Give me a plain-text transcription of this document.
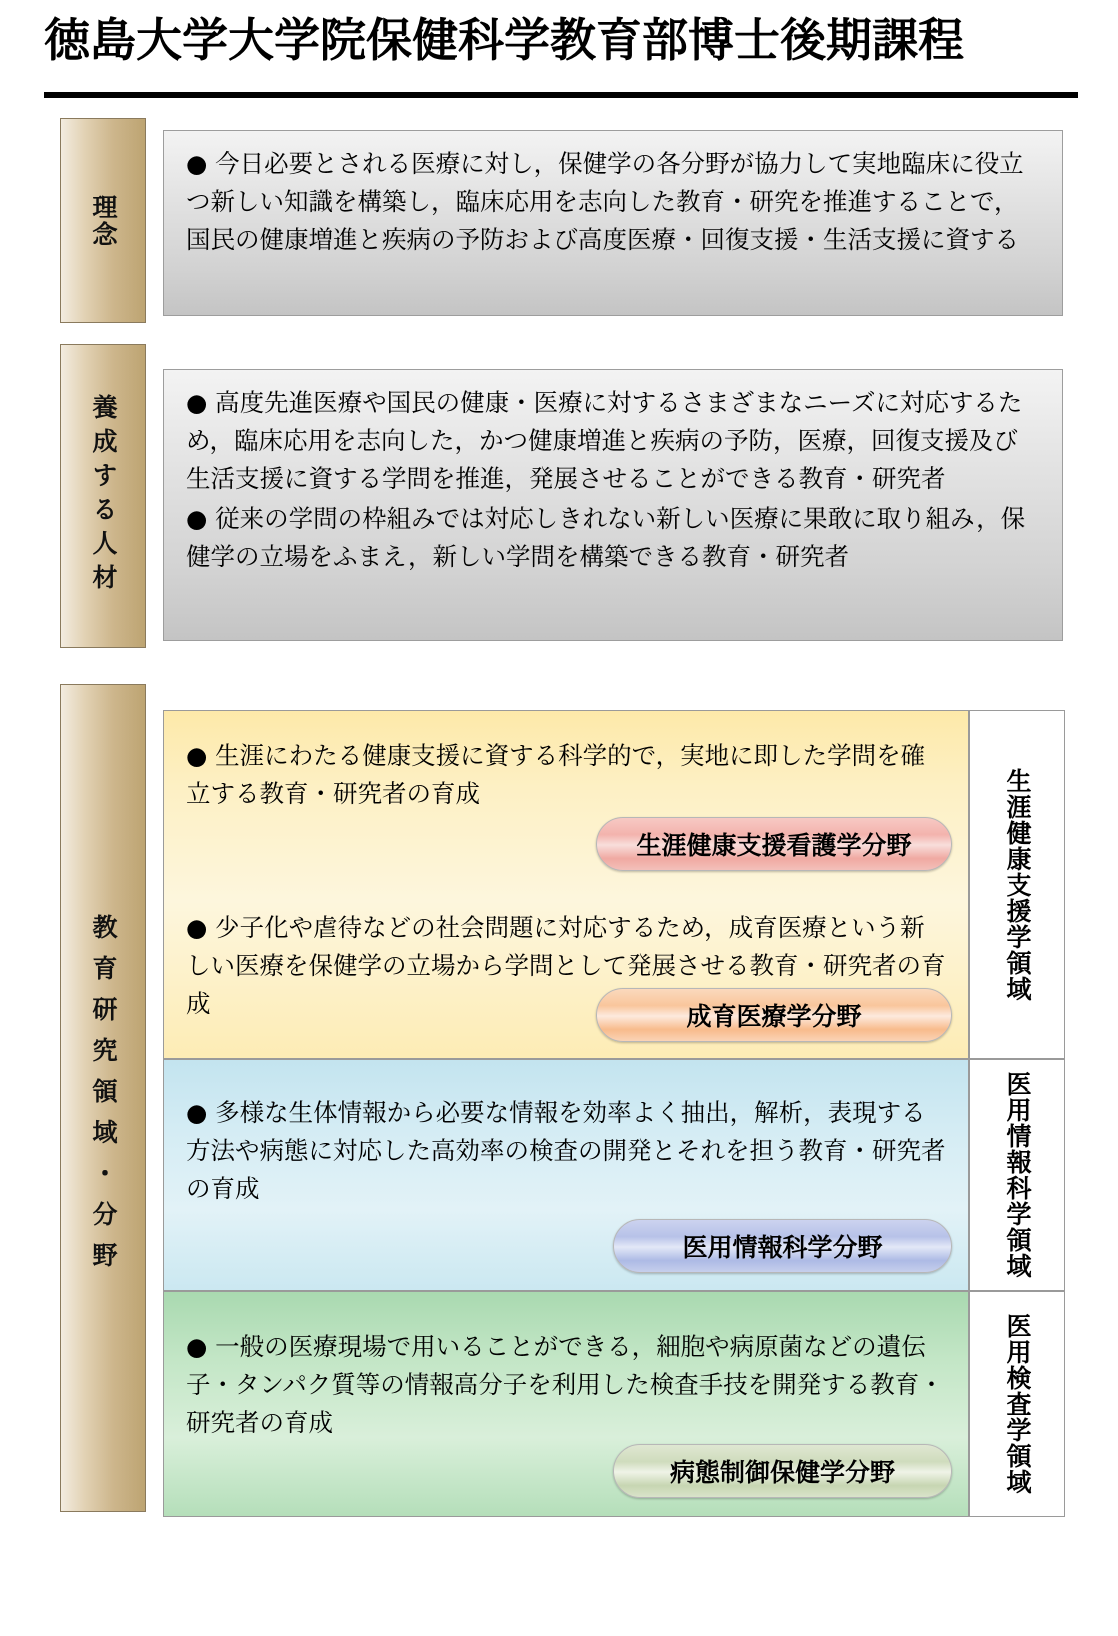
徳島大学大学院保健科学教育部博士後期課程
理念

● 今日必要とされる医療に対し，保健学の各分野が協力して実地臨床に役立つ新しい知識を構築し，臨床応用を志向した教育・研究を推進することで，国民の健康増進と疾病の予防および高度医療・回復支援・生活支援に資する

養成する人材	● 高度先進医療や国民の健康・医療に対するさまざまなニーズに対応するため，臨床応用を志向した，かつ健康増進と疾病の予防，医療，回復支援及び生活支援に資する学問を推進，発展させることができる教育・研究者

● 従来の学問の枠組みでは対応しきれない新しい医療に果敢に取り組み，保健学の立場をふまえ，新しい学問を構築できる教育・研究者

教育研究領域・分野
● 生涯にわたる健康支援に資する科学的で，実地に即した学問を確立する教育・研究者の育成
● 少子化や虐待などの社会問題に対応するため，成育医療という新しい医療を保健学の立場から学問として発展させる教育・研究者の育成
生涯健康支援看護学分野
成育医療学分野
生涯健康支援学領域
● 多様な生体情報から必要な情報を効率よく抽出，解析，表現する方法や病態に対応した高効率の検査の開発とそれを担う教育・研究者の育成
医用情報科学分野	医用情報科学領域
● 一般の医療現場で用いることができる，細胞や病原菌などの遺伝子・タンパク質等の情報高分子を利用した検査手技を開発する教育・研究者の育成
病態制御保健学分野	医用検査学領域
